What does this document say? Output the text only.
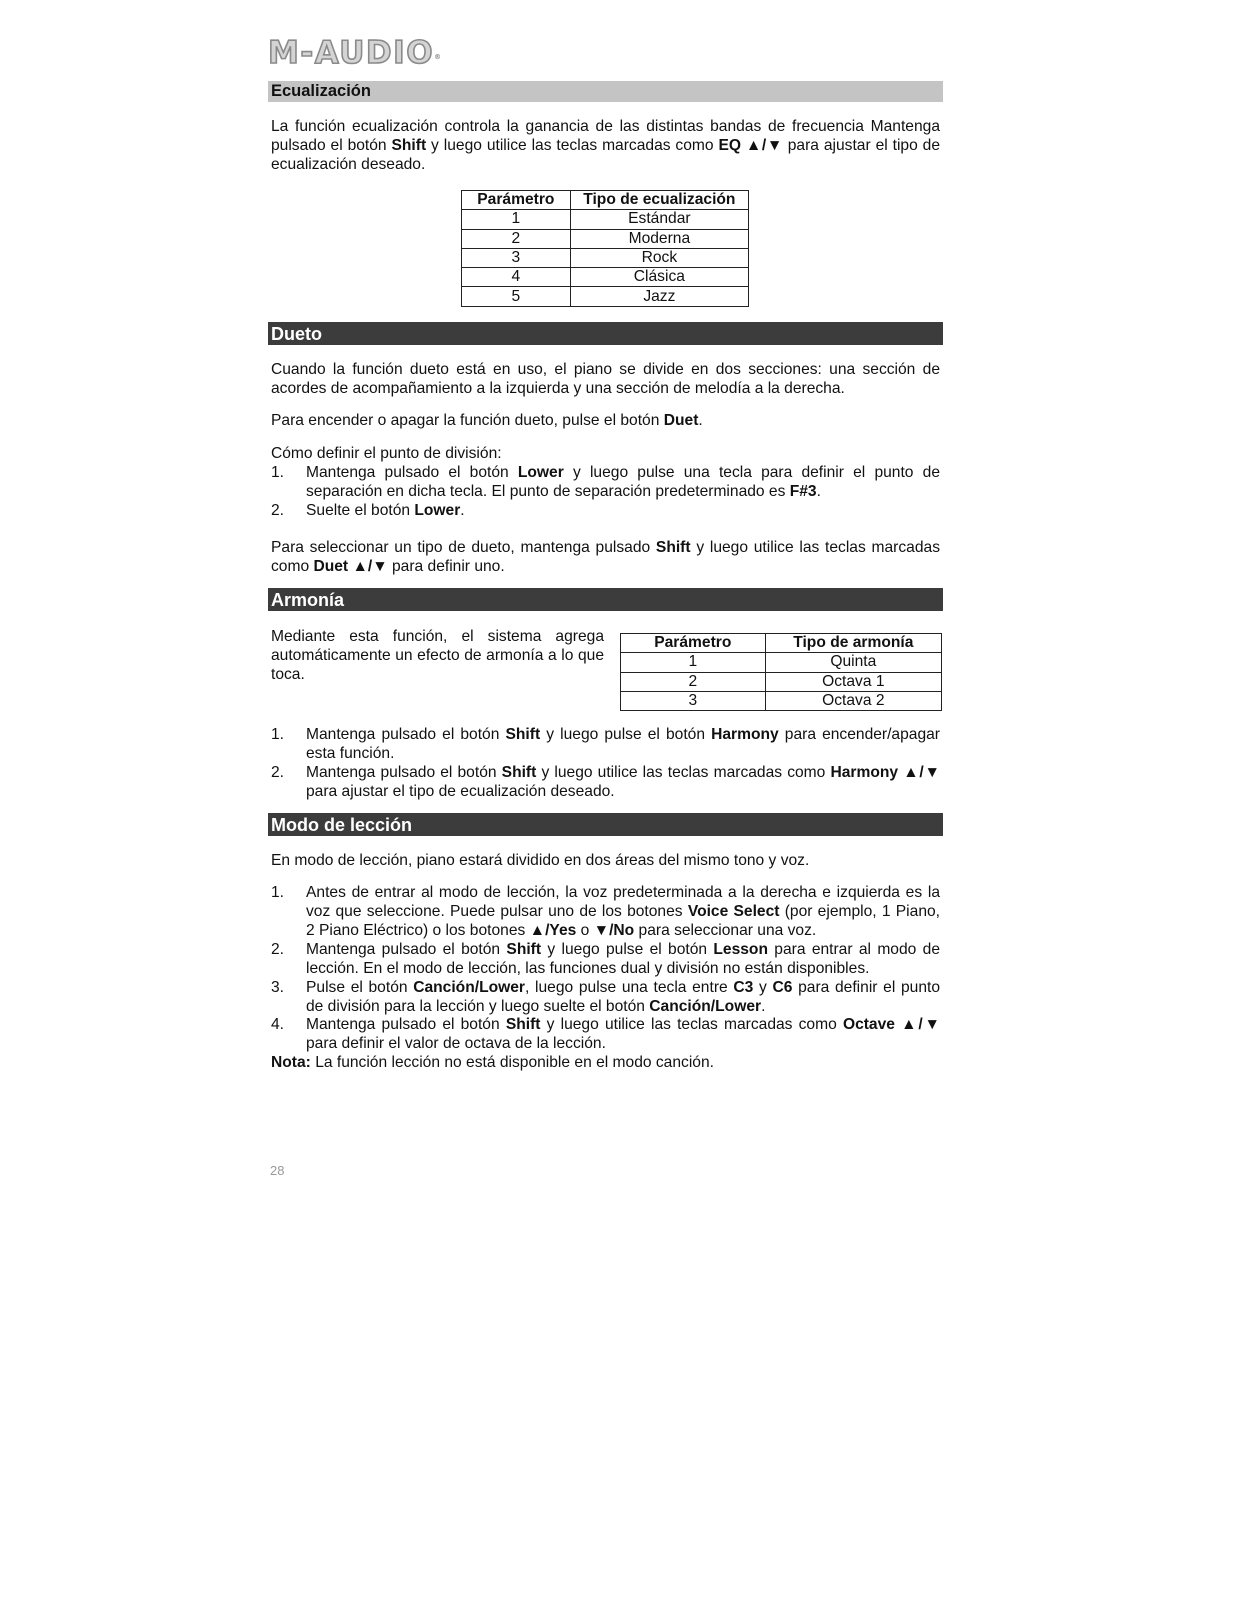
M-AUDIO®
Ecualización

La función ecualización controla la ganancia de las distintas bandas de frecuencia Mantenga pulsado el botón Shift y luego utilice las teclas marcadas como EQ ▲/▼ para ajustar el tipo de ecualización deseado.

Parámetro	Tipo de ecualización
1	Estándar
2	Moderna
3	Rock
4	Clásica
5	Jazz
Dueto

Cuando la función dueto está en uso, el piano se divide en dos secciones: una sección de acordes de acompañamiento a la izquierda y una sección de melodía a la derecha.

Para encender o apagar la función dueto, pulse el botón Duet.

Cómo definir el punto de división:

1. Mantenga pulsado el botón Lower y luego pulse una tecla para definir el punto de separación en dicha tecla. El punto de separación predeterminado es F#3.
2. Suelte el botón Lower.

Para seleccionar un tipo de dueto, mantenga pulsado Shift y luego utilice las teclas marcadas como Duet ▲/▼ para definir uno.

Armonía

Mediante esta función, el sistema agrega automáticamente un efecto de armonía a lo que toca.

Parámetro	Tipo de armonía
1	Quinta
2	Octava 1
3	Octava 2
1. Mantenga pulsado el botón Shift y luego pulse el botón Harmony para encender/apagar esta función.
2. Mantenga pulsado el botón Shift y luego utilice las teclas marcadas como Harmony ▲/▼ para ajustar el tipo de ecualización deseado.
Modo de lección

En modo de lección, piano estará dividido en dos áreas del mismo tono y voz.

1. Antes de entrar al modo de lección, la voz predeterminada a la derecha e izquierda es la voz que seleccione. Puede pulsar uno de los botones Voice Select (por ejemplo, 1 Piano, 2 Piano Eléctrico) o los botones ▲/Yes o ▼/No para seleccionar una voz.
2. Mantenga pulsado el botón Shift y luego pulse el botón Lesson para entrar al modo de lección. En el modo de lección, las funciones dual y división no están disponibles.
3. Pulse el botón Canción/Lower, luego pulse una tecla entre C3 y C6 para definir el punto de división para la lección y luego suelte el botón Canción/Lower.
4. Mantenga pulsado el botón Shift y luego utilice las teclas marcadas como Octave ▲/▼ para definir el valor de octava de la lección.

Nota: La función lección no está disponible en el modo canción.

28
